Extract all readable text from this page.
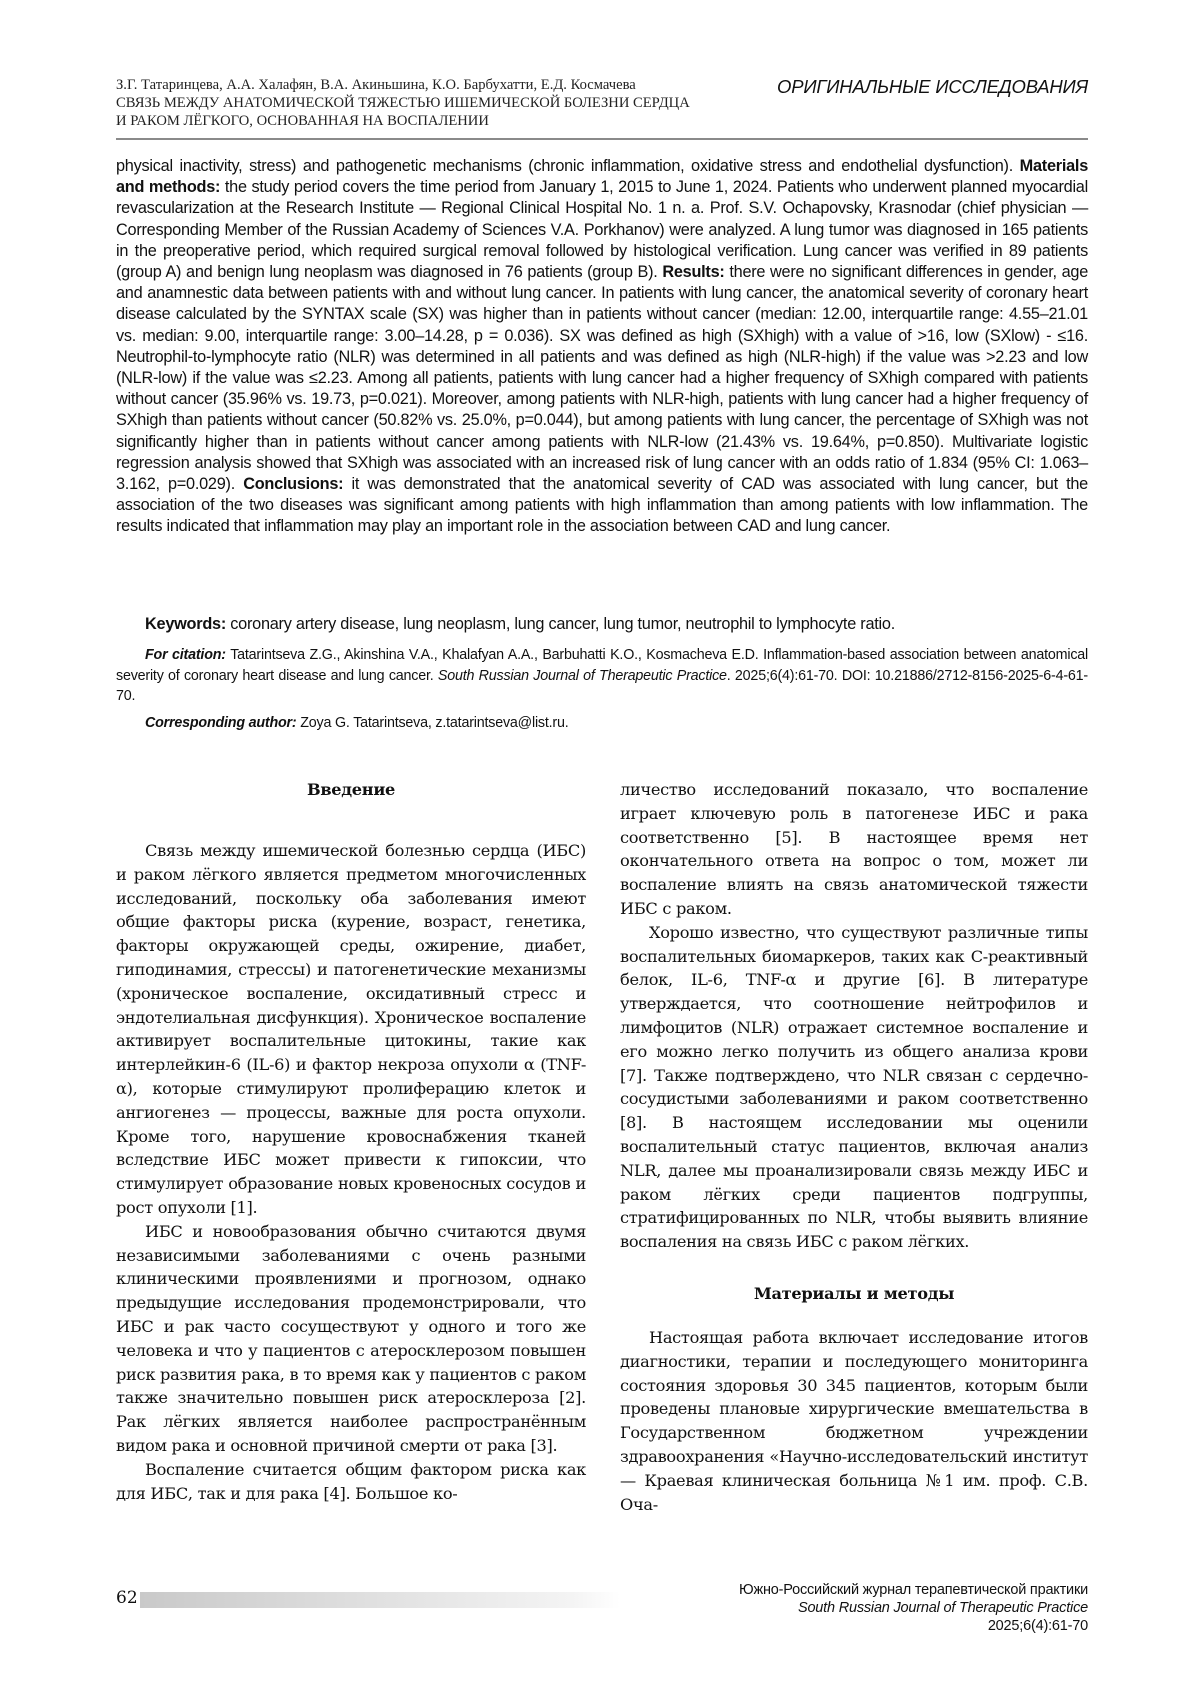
З.Г. Татаринцева, А.А. Халафян, В.А. Акиньшина, К.О. Барбухатти, Е.Д. Космачева
СВЯЗЬ МЕЖДУ АНАТОМИЧЕСКОЙ ТЯЖЕСТЬЮ ИШЕМИЧЕСКОЙ БОЛЕЗНИ СЕРДЦА
И РАКОМ ЛЁГКОГО, ОСНОВАННАЯ НА ВОСПАЛЕНИИ
ОРИГИНАЛЬНЫЕ ИССЛЕДОВАНИЯ
physical inactivity, stress) and pathogenetic mechanisms (chronic inflammation, oxidative stress and endothelial dysfunction). Materials and methods: the study period covers the time period from January 1, 2015 to June 1, 2024. Patients who underwent planned myocardial revascularization at the Research Institute — Regional Clinical Hospital No. 1 n. a. Prof. S.V. Ochapovsky, Krasnodar (chief physician — Corresponding Member of the Russian Academy of Sciences V.A. Porkhanov) were analyzed. A lung tumor was diagnosed in 165 patients in the preoperative period, which required surgical removal followed by histological verification. Lung cancer was verified in 89 patients (group A) and benign lung neoplasm was diagnosed in 76 patients (group B). Results: there were no significant differences in gender, age and anamnestic data between patients with and without lung cancer. In patients with lung cancer, the anatomical severity of coronary heart disease calculated by the SYNTAX scale (SX) was higher than in patients without cancer (median: 12.00, interquartile range: 4.55–21.01 vs. median: 9.00, interquartile range: 3.00–14.28, p = 0.036). SX was defined as high (SXhigh) with a value of >16, low (SXlow) - ≤16. Neutrophil-to-lymphocyte ratio (NLR) was determined in all patients and was defined as high (NLR-high) if the value was >2.23 and low (NLR-low) if the value was ≤2.23. Among all patients, patients with lung cancer had a higher frequency of SXhigh compared with patients without cancer (35.96% vs. 19.73, p=0.021). Moreover, among patients with NLR-high, patients with lung cancer had a higher frequency of SXhigh than patients without cancer (50.82% vs. 25.0%, p=0.044), but among patients with lung cancer, the percentage of SXhigh was not significantly higher than in patients without cancer among patients with NLR-low (21.43% vs. 19.64%, p=0.850). Multivariate logistic regression analysis showed that SXhigh was associated with an increased risk of lung cancer with an odds ratio of 1.834 (95% CI: 1.063–3.162, p=0.029). Conclusions: it was demonstrated that the anatomical severity of CAD was associated with lung cancer, but the association of the two diseases was significant among patients with high inflammation than among patients with low inflammation. The results indicated that inflammation may play an important role in the association between CAD and lung cancer.
Keywords: coronary artery disease, lung neoplasm, lung cancer, lung tumor, neutrophil to lymphocyte ratio.
For citation: Tatarintseva Z.G., Akinshina V.A., Khalafyan A.A., Barbuhatti K.O., Kosmacheva E.D. Inflammation-based association between anatomical severity of coronary heart disease and lung cancer. South Russian Journal of Therapeutic Practice. 2025;6(4):61-70. DOI: 10.21886/2712-8156-2025-6-4-61-70.
Corresponding author: Zoya G. Tatarintseva, z.tatarintseva@list.ru.
Введение

Связь между ишемической болезнью сердца (ИБС) и раком лёгкого является предметом многочисленных исследований, поскольку оба заболевания имеют общие факторы риска (курение, возраст, генетика, факторы окружающей среды, ожирение, диабет, гиподинамия, стрессы) и патогенетические механизмы (хроническое воспаление, оксидативный стресс и эндотелиальная дисфункция). Хроническое воспаление активирует воспалительные цитокины, такие как интерлейкин-6 (IL-6) и фактор некроза опухоли α (TNF-α), которые стимулируют пролиферацию клеток и ангиогенез — процессы, важные для роста опухоли. Кроме того, нарушение кровоснабжения тканей вследствие ИБС может привести к гипоксии, что стимулирует образование новых кровеносных сосудов и рост опухоли [1].

ИБС и новообразования обычно считаются двумя независимыми заболеваниями с очень разными клиническими проявлениями и прогнозом, однако предыдущие исследования продемонстрировали, что ИБС и рак часто сосуществуют у одного и того же человека и что у пациентов с атеросклерозом повышен риск развития рака, в то время как у пациентов с раком также значительно повышен риск атеросклероза [2]. Рак лёгких является наиболее распространённым видом рака и основной причиной смерти от рака [3].

Воспаление считается общим фактором риска как для ИБС, так и для рака [4]. Большое ко-

личество исследований показало, что воспаление играет ключевую роль в патогенезе ИБС и рака соответственно [5]. В настоящее время нет окончательного ответа на вопрос о том, может ли воспаление влиять на связь анатомической тяжести ИБС с раком.

Хорошо известно, что существуют различные типы воспалительных биомаркеров, таких как С-реактивный белок, IL-6, TNF-α и другие [6]. В литературе утверждается, что соотношение нейтрофилов и лимфоцитов (NLR) отражает системное воспаление и его можно легко получить из общего анализа крови [7]. Также подтверждено, что NLR связан с сердечно-сосудистыми заболеваниями и раком соответственно [8]. В настоящем исследовании мы оценили воспалительный статус пациентов, включая анализ NLR, далее мы проанализировали связь между ИБС и раком лёгких среди пациентов подгруппы, стратифицированных по NLR, чтобы выявить влияние воспаления на связь ИБС с раком лёгких.

Материалы и методы

Настоящая работа включает исследование итогов диагностики, терапии и последующего мониторинга состояния здоровья 30 345 пациентов, которым были проведены плановые хирургические вмешательства в Государственном бюджетном учреждении здравоохранения «Научно-исследовательский институт — Краевая клиническая больница №1 им. проф. С.В. Оча-

62	Южно-Российский журнал терапевтической практики
South Russian Journal of Therapeutic Practice
2025;6(4):61-70
